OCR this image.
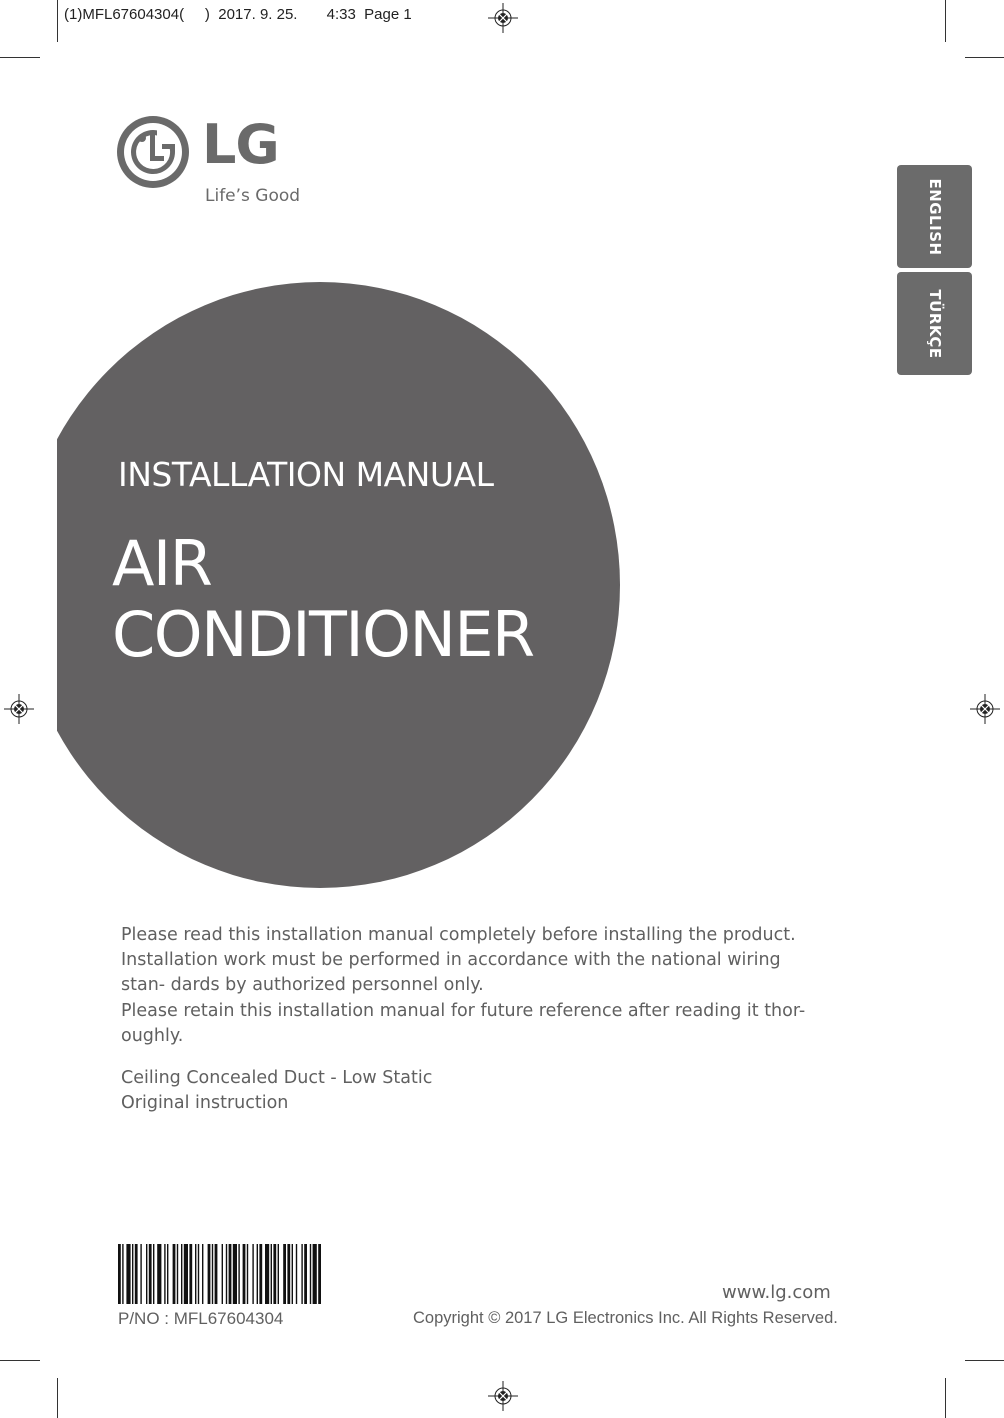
(1)MFL67604304(     )  2017. 9. 25.       4:33  Page 1
LG
Life’s Good	ENGLISH
TÜRKÇE
INSTALLATION MANUAL
AIR
CONDITIONER

Please read this installation manual completely before installing the product.

Installation work must be performed in accordance with the national wiring stan- dards by authorized personnel only.

Please retain this installation manual for future reference after reading it thor- oughly.

Ceiling Concealed Duct - Low Static

Original instruction

P/NO : MFL67604304
www.lg.com
Copyright © 2017 LG Electronics Inc. All Rights Reserved.
